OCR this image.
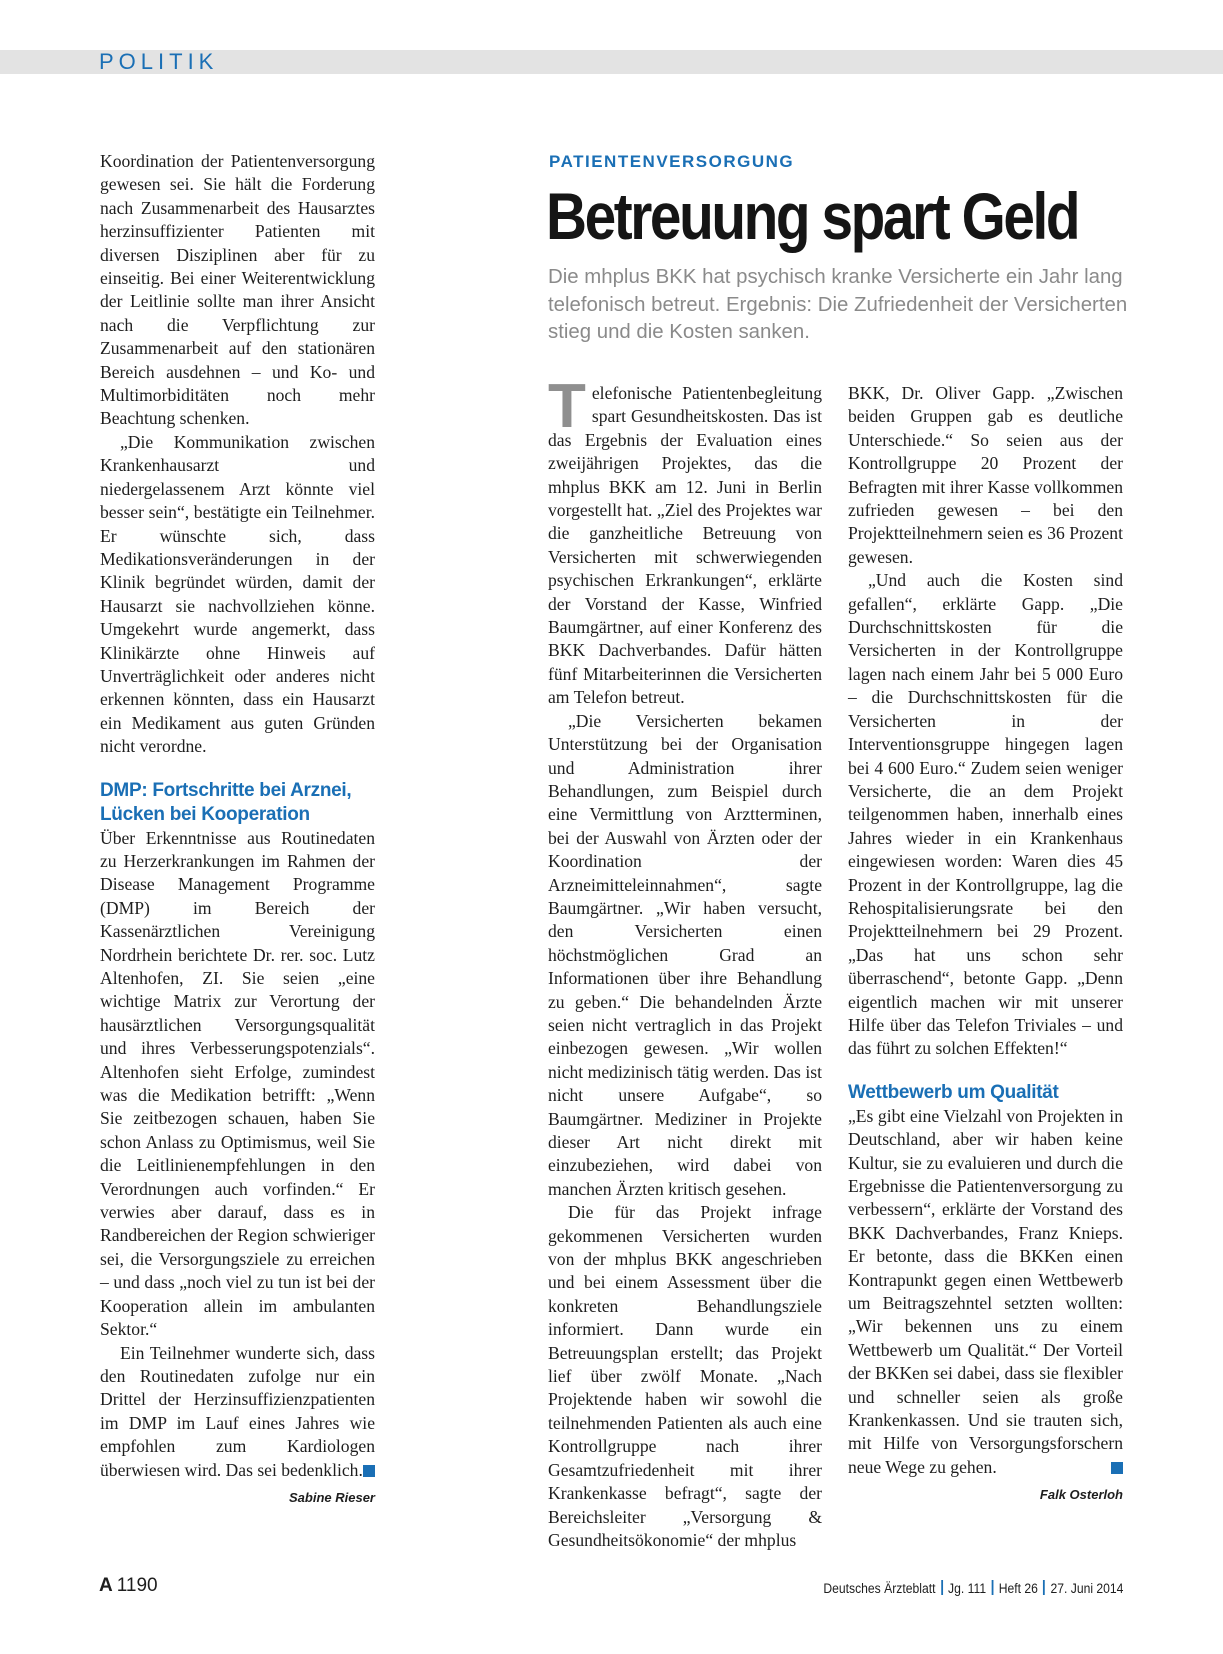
POLITIK

Koordination der Patientenversorgung gewesen sei. Sie hält die Forderung nach Zusammenarbeit des Hausarztes herzinsuffizienter Patienten mit diversen Disziplinen aber für zu einseitig. Bei einer Weiterentwicklung der Leitlinie sollte man ihrer Ansicht nach die Verpflichtung zur Zusammenarbeit auf den stationären Bereich ausdehnen – und Ko- und Multimorbiditäten noch mehr Beachtung schenken.

„Die Kommunikation zwischen Krankenhausarzt und niedergelassenem Arzt könnte viel besser sein“, bestätigte ein Teilnehmer. Er wünschte sich, dass Medikationsveränderungen in der Klinik begründet würden, damit der Hausarzt sie nachvollziehen könne. Umgekehrt wurde angemerkt, dass Klinikärzte ohne Hinweis auf Unverträglichkeit oder anderes nicht erkennen könnten, dass ein Hausarzt ein Medikament aus guten Gründen nicht verordne.

DMP: Fortschritte bei Arznei, Lücken bei Kooperation

Über Erkenntnisse aus Routinedaten zu Herzerkrankungen im Rahmen der Disease Management Programme (DMP) im Bereich der Kassenärztlichen Vereinigung Nordrhein berichtete Dr. rer. soc. Lutz Altenhofen, ZI. Sie seien „eine wichtige Matrix zur Verortung der hausärztlichen Versorgungsqualität und ihres Verbesserungspotenzials“. Altenhofen sieht Erfolge, zumindest was die Medikation betrifft: „Wenn Sie zeitbezogen schauen, haben Sie schon Anlass zu Optimismus, weil Sie die Leitlinienempfehlungen in den Verordnungen auch vorfinden.“ Er verwies aber darauf, dass es in Randbereichen der Region schwieriger sei, die Versorgungsziele zu erreichen – und dass „noch viel zu tun ist bei der Kooperation allein im ambulanten Sektor.“

Ein Teilnehmer wunderte sich, dass den Routinedaten zufolge nur ein Drittel der Herzinsuffizienzpatienten im DMP im Lauf eines Jahres wie empfohlen zum Kardiologen überwiesen wird. Das sei bedenklich.

Sabine Rieser
PATIENTENVERSORGUNG
Betreuung spart Geld
Die mhplus BKK hat psychisch kranke Versicherte ein Jahr lang telefonisch betreut. Ergebnis: Die Zufriedenheit der Versicherten stieg und die Kosten sanken.

Telefonische Patientenbegleitung spart Gesundheitskosten. Das ist das Ergebnis der Evaluation eines zweijährigen Projektes, das die mhplus BKK am 12. Juni in Berlin vorgestellt hat. „Ziel des Projektes war die ganzheitliche Betreuung von Versicherten mit schwerwiegenden psychischen Erkrankungen“, erklärte der Vorstand der Kasse, Winfried Baumgärtner, auf einer Konferenz des BKK Dachverbandes. Dafür hätten fünf Mitarbeiterinnen die Versicherten am Telefon betreut.

„Die Versicherten bekamen Unterstützung bei der Organisation und Administration ihrer Behandlungen, zum Beispiel durch eine Vermittlung von Arztterminen, bei der Auswahl von Ärzten oder der Koordination der Arzneimitteleinnahmen“, sagte Baumgärtner. „Wir haben versucht, den Versicherten einen höchstmöglichen Grad an Informationen über ihre Behandlung zu geben.“ Die behandelnden Ärzte seien nicht vertraglich in das Projekt einbezogen gewesen. „Wir wollen nicht medizinisch tätig werden. Das ist nicht unsere Aufgabe“, so Baumgärtner. Mediziner in Projekte dieser Art nicht direkt mit einzubeziehen, wird dabei von manchen Ärzten kritisch gesehen.

Die für das Projekt infrage gekommenen Versicherten wurden von der mhplus BKK angeschrieben und bei einem Assessment über die konkreten Behandlungsziele informiert. Dann wurde ein Betreuungsplan erstellt; das Projekt lief über zwölf Monate. „Nach Projektende haben wir sowohl die teilnehmenden Patienten als auch eine Kontrollgruppe nach ihrer Gesamtzufriedenheit mit ihrer Krankenkasse befragt“, sagte der Bereichsleiter „Versorgung & Gesundheitsökonomie“ der mhplus

BKK, Dr. Oliver Gapp. „Zwischen beiden Gruppen gab es deutliche Unterschiede.“ So seien aus der Kontrollgruppe 20 Prozent der Befragten mit ihrer Kasse vollkommen zufrieden gewesen – bei den Projektteilnehmern seien es 36 Prozent gewesen.

„Und auch die Kosten sind gefallen“, erklärte Gapp. „Die Durchschnittskosten für die Versicherten in der Kontrollgruppe lagen nach einem Jahr bei 5 000 Euro – die Durchschnittskosten für die Versicherten in der Interventionsgruppe hingegen lagen bei 4 600 Euro.“ Zudem seien weniger Versicherte, die an dem Projekt teilgenommen haben, innerhalb eines Jahres wieder in ein Krankenhaus eingewiesen worden: Waren dies 45 Prozent in der Kontrollgruppe, lag die Rehospitalisierungsrate bei den Projektteilnehmern bei 29 Prozent. „Das hat uns schon sehr überraschend“, betonte Gapp. „Denn eigentlich machen wir mit unserer Hilfe über das Telefon Triviales – und das führt zu solchen Effekten!“

Wettbewerb um Qualität

„Es gibt eine Vielzahl von Projekten in Deutschland, aber wir haben keine Kultur, sie zu evaluieren und durch die Ergebnisse die Patientenversorgung zu verbessern“, erklärte der Vorstand des BKK Dachverbandes, Franz Knieps. Er betonte, dass die BKKen einen Kontrapunkt gegen einen Wettbewerb um Beitragszehntel setzten wollten: „Wir bekennen uns zu einem Wettbewerb um Qualität.“ Der Vorteil der BKKen sei dabei, dass sie flexibler und schneller seien als große Krankenkassen. Und sie trauten sich, mit Hilfe von Versorgungsforschern neue Wege zu gehen.

Falk Osterloh
A 1190	Deutsches Ärzteblatt Jg. 111 Heft 26 27. Juni 2014
